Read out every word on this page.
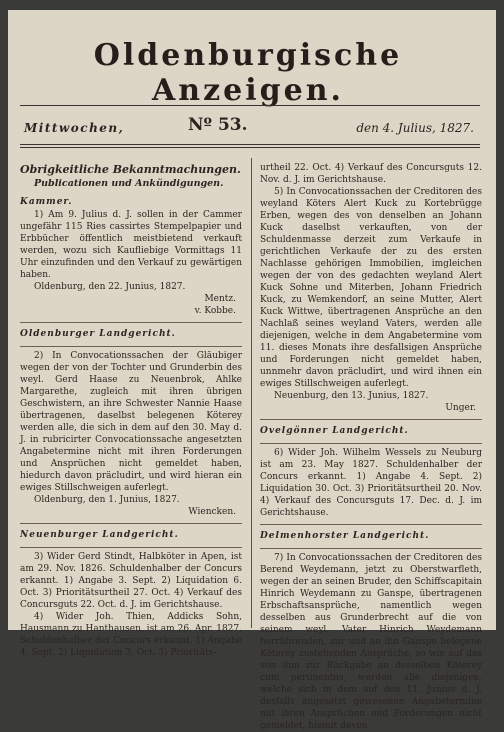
Oldenburgische Anzeigen.
Mittwochen,	Nº 53.	den 4. Julius, 1827.
Obrigkeitliche Bekanntmachungen.
Publicationen und Ankündigungen.
Kammer.

1) Am 9. Julius d. J. sollen in der Cammer ungefähr 115 Ries cassirtes Stempelpapier und Erbbücher öffentlich meistbietend verkauft werden, wozu sich Kaufliebige Vormittags 11 Uhr einzufinden und den Verkauf zu gewärtigen haben.

Oldenburg, den 22. Junius, 1827.

Mentz.

v. Kobbe.

Oldenburger Landgericht.

2) In Convocationssachen der Gläubiger wegen der von der Tochter und Grunderbin des weyl. Gerd Haase zu Neuenbrok, Ahlke Margarethe, zugleich mit ihren übrigen Geschwistern, an ihre Schwester Nannie Haase übertragenen, daselbst belegenen Köterey werden alle, die sich in dem auf den 30. May d. J. in rubricirter Convocationssache angesetzten Angabetermine nicht mit ihren Forderungen und Ansprüchen nicht gemeldet haben, hiedurch davon präcludirt, und wird hieran ein ewiges Stillschweigen auferlegt.

Oldenburg, den 1. Junius, 1827.

Wiencken.

Neuenburger Landgericht.

3) Wider Gerd Stindt, Halbköter in Apen, ist am 29. Nov. 1826. Schuldenhalber der Concurs erkannt. 1) Angabe 3. Sept. 2) Liquidation 6. Oct. 3) Prioritätsurtheil 27. Oct. 4) Verkauf des Concursguts 22. Oct. d. J. im Gerichtshause.

4) Wider Joh. Thien, Addicks Sohn, Hausmann zu Hanthausen, ist am 26. Apr. 1827. Schuldenhalber der Concurs erkannt. 1) Angabe 4. Sept. 2) Liquidation 3. Oct. 3) Prioritäts-

urtheil 22. Oct. 4) Verkauf des Concursguts 12. Nov. d. J. im Gerichtshause.

5) In Convocationssachen der Creditoren des weyland Köters Alert Kuck zu Kortebrügge Erben, wegen des von denselben an Johann Kuck daselbst verkauften, von der Schuldenmasse derzeit zum Verkaufe in gerichtlichen Verkaufe der zu des ersten Nachlasse gehörigen Immobilien, imgleichen wegen der von des gedachten weyland Alert Kuck Sohne und Miterben, Johann Friedrich Kuck, zu Wemkendorf, an seine Mutter, Alert Kuck Wittwe, übertragenen Ansprüche an den Nachlaß seines weyland Vaters, werden alle diejenigen, welche in dem Angabetermine vom 11. dieses Monats ihre desfallsigen Ansprüche und Forderungen nicht gemeldet haben, unnmehr davon präcludirt, und wird ihnen ein ewiges Stillschweigen auferlegt.

Neuenburg, den 13. Junius, 1827.

Unger.

Ovelgönner Landgericht.

6) Wider Joh. Wilhelm Wessels zu Neuburg ist am 23. May 1827. Schuldenhalber der Concurs erkannt. 1) Angabe 4. Sept. 2) Liquidation 30. Oct. 3) Prioritätsurtheil 20. Nov. 4) Verkauf des Concursguts 17. Dec. d. J. im Gerichtshause.

Delmenhorster Landgericht.

7) In Convocationssachen der Creditoren des Berend Weydemann, jetzt zu Oberstwarfleth, wegen der an seinen Bruder, den Schiffscapitain Hinrich Weydemann zu Ganspe, übertragenen Erbschaftsansprüche, namentlich wegen desselben aus Grunderbrecht auf die von seinem weyl. Vater Hinrich Weydemann herrührenden, zur und an ihn Ganspe belegene Köterey zustehenden Ansprüche, so wie auf das von ihm zur Rückgabe an desselben Köterey cum pertinentiis, werden alle diejenigen, welche sich in dem auf den 11. Junius d. J. desfalls angesetzt gewesenen Angabetermine mit ihren Ansprüchen und Forderungen nicht gemeldet, hiemit davon
